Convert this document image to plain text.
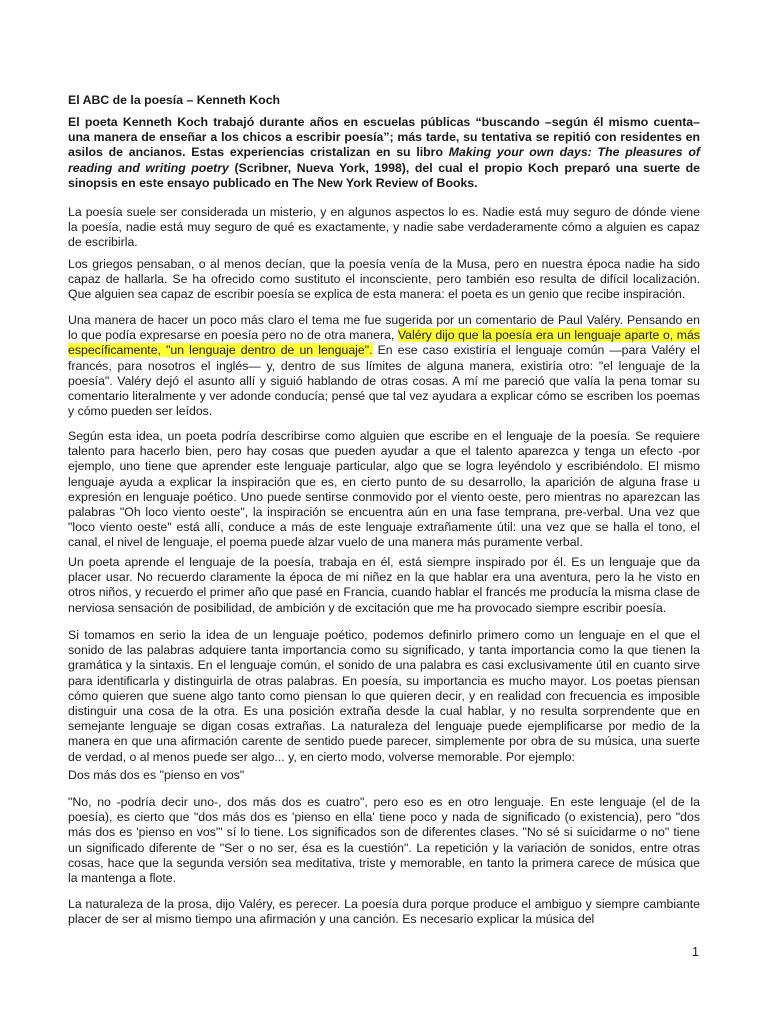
El ABC de la poesía – Kenneth Koch

El poeta Kenneth Koch trabajó durante años en escuelas públicas “buscando –según él mismo cuenta– una manera de enseñar a los chicos a escribir poesía”; más tarde, su tentativa se repitió con residentes en asilos de ancianos. Estas experiencias cristalizan en su libro Making your own days: The pleasures of reading and writing poetry (Scribner, Nueva York, 1998), del cual el propio Koch preparó una suerte de sinopsis en este ensayo publicado en The New York Review of Books.

La poesía suele ser considerada un misterio, y en algunos aspectos lo es. Nadie está muy seguro de dónde viene la poesía, nadie está muy seguro de qué es exactamente, y nadie sabe verdaderamente cómo a alguien es capaz de escribirla.

Los griegos pensaban, o al menos decían, que la poesía venía de la Musa, pero en nuestra época nadie ha sido capaz de hallarla. Se ha ofrecido como sustituto el inconsciente, pero también eso resulta de difícil localización. Que alguien sea capaz de escribir poesía se explica de esta manera: el poeta es un genio que recibe inspiración.

Una manera de hacer un poco más claro el tema me fue sugerida por un comentario de Paul Valéry. Pensando en lo que podía expresarse en poesía pero no de otra manera, Valéry dijo que la poesía era un lenguaje aparte o, más específicamente, "un lenguaje dentro de un lenguaje". En ese caso existiría el lenguaje común —para Valéry el francés, para nosotros el inglés— y, dentro de sus límites de alguna manera, existiría otro: "el lenguaje de la poesía". Valéry dejó el asunto allí y siguió hablando de otras cosas. A mí me pareció que valía la pena tomar su comentario literalmente y ver adonde conducía; pensé que tal vez ayudara a explicar cómo se escriben los poemas y cómo pueden ser leídos.

Según esta idea, un poeta podría describirse como alguien que escribe en el lenguaje de la poesía. Se requiere talento para hacerlo bien, pero hay cosas que pueden ayudar a que el talento aparezca y tenga un efecto -por ejemplo, uno tiene que aprender este lenguaje particular, algo que se logra leyéndolo y escribiéndolo. El mismo lenguaje ayuda a explicar la inspiración que es, en cierto punto de su desarrollo, la aparición de alguna frase u expresión en lenguaje poético. Uno puede sentirse conmovido por el viento oeste, pero mientras no aparezcan las palabras "Oh loco viento oeste", la inspiración se encuentra aún en una fase temprana, pre-verbal. Una vez que "loco viento oeste" está allí, conduce a más de este lenguaje extrañamente útil: una vez que se halla el tono, el canal, el nivel de lenguaje, el poema puede alzar vuelo de una manera más puramente verbal.

Un poeta aprende el lenguaje de la poesía, trabaja en él, está siempre inspirado por él. Es un lenguaje que da placer usar. No recuerdo claramente la época de mi niñez en la que hablar era una aventura, pero la he visto en otros niños, y recuerdo el primer año que pasé en Francia, cuando hablar el francés me producía la misma clase de nerviosa sensación de posibilidad, de ambición y de excitación que me ha provocado siempre escribir poesía.

Si tomamos en serio la idea de un lenguaje poético, podemos definirlo primero como un lenguaje en el que el sonido de las palabras adquiere tanta importancia como su significado, y tanta importancia como la que tienen la gramática y la sintaxis. En el lenguaje común, el sonido de una palabra es casi exclusivamente útil en cuanto sirve para identificarla y distinguirla de otras palabras. En poesía, su importancia es mucho mayor. Los poetas piensan cómo quieren que suene algo tanto como piensan lo que quieren decir, y en realidad con frecuencia es imposible distinguir una cosa de la otra. Es una posición extraña desde la cual hablar, y no resulta sorprendente que en semejante lenguaje se digan cosas extrañas. La naturaleza del lenguaje puede ejemplificarse por medio de la manera en que una afirmación carente de sentido puede parecer, simplemente por obra de su música, una suerte de verdad, o al menos puede ser algo... y, en cierto modo, volverse memorable. Por ejemplo:

Dos más dos es "pienso en vos"

"No, no -podría decir uno-, dos más dos es cuatro", pero eso es en otro lenguaje. En este lenguaje (el de la poesía), es cierto que "dos más dos es 'pienso en ella' tiene poco y nada de significado (o existencia), pero "dos más dos es 'pienso en vos'" sí lo tiene. Los significados son de diferentes clases. "No sé si suicidarme o no" tiene un significado diferente de "Ser o no ser, ésa es la cuestión". La repetición y la variación de sonidos, entre otras cosas, hace que la segunda versión sea meditativa, triste y memorable, en tanto la primera carece de música que la mantenga a flote.

La naturaleza de la prosa, dijo Valéry, es perecer. La poesía dura porque produce el ambiguo y siempre cambiante placer de ser al mismo tiempo una afirmación y una canción. Es necesario explicar la música del

1
